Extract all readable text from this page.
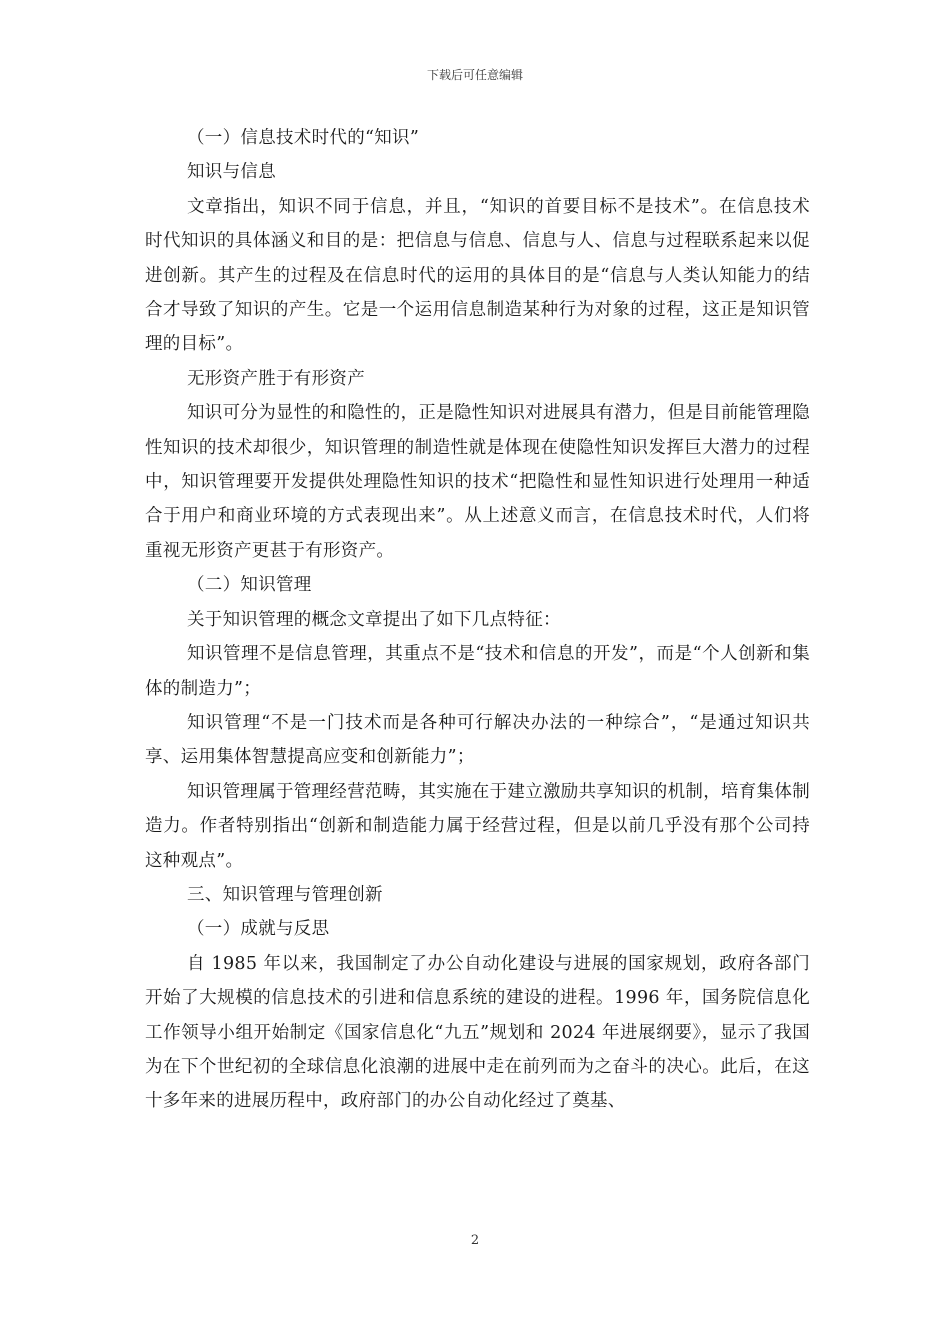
下载后可任意编辑

（一）信息技术时代的“知识”

知识与信息

文章指出，知识不同于信息，并且，“知识的首要目标不是技术”。在信息技术时代知识的具体涵义和目的是：把信息与信息、信息与人、信息与过程联系起来以促进创新。其产生的过程及在信息时代的运用的具体目的是“信息与人类认知能力的结合才导致了知识的产生。它是一个运用信息制造某种行为对象的过程，这正是知识管理的目标”。

无形资产胜于有形资产

知识可分为显性的和隐性的，正是隐性知识对进展具有潜力，但是目前能管理隐性知识的技术却很少，知识管理的制造性就是体现在使隐性知识发挥巨大潜力的过程中，知识管理要开发提供处理隐性知识的技术“把隐性和显性知识进行处理用一种适合于用户和商业环境的方式表现出来”。从上述意义而言，在信息技术时代，人们将重视无形资产更甚于有形资产。

（二）知识管理

关于知识管理的概念文章提出了如下几点特征：

知识管理不是信息管理，其重点不是“技术和信息的开发”，而是“个人创新和集体的制造力”；

知识管理“不是一门技术而是各种可行解决办法的一种综合”，“是通过知识共享、运用集体智慧提高应变和创新能力”；

知识管理属于管理经营范畴，其实施在于建立激励共享知识的机制，培育集体制造力。作者特别指出“创新和制造能力属于经营过程，但是以前几乎没有那个公司持这种观点”。

三、知识管理与管理创新

（一）成就与反思

自 1985 年以来，我国制定了办公自动化建设与进展的国家规划，政府各部门开始了大规模的信息技术的引进和信息系统的建设的进程。1996 年，国务院信息化工作领导小组开始制定《国家信息化“九五”规划和 2024 年进展纲要》，显示了我国为在下个世纪初的全球信息化浪潮的进展中走在前列而为之奋斗的决心。此后，在这十多年来的进展历程中，政府部门的办公自动化经过了奠基、

2
